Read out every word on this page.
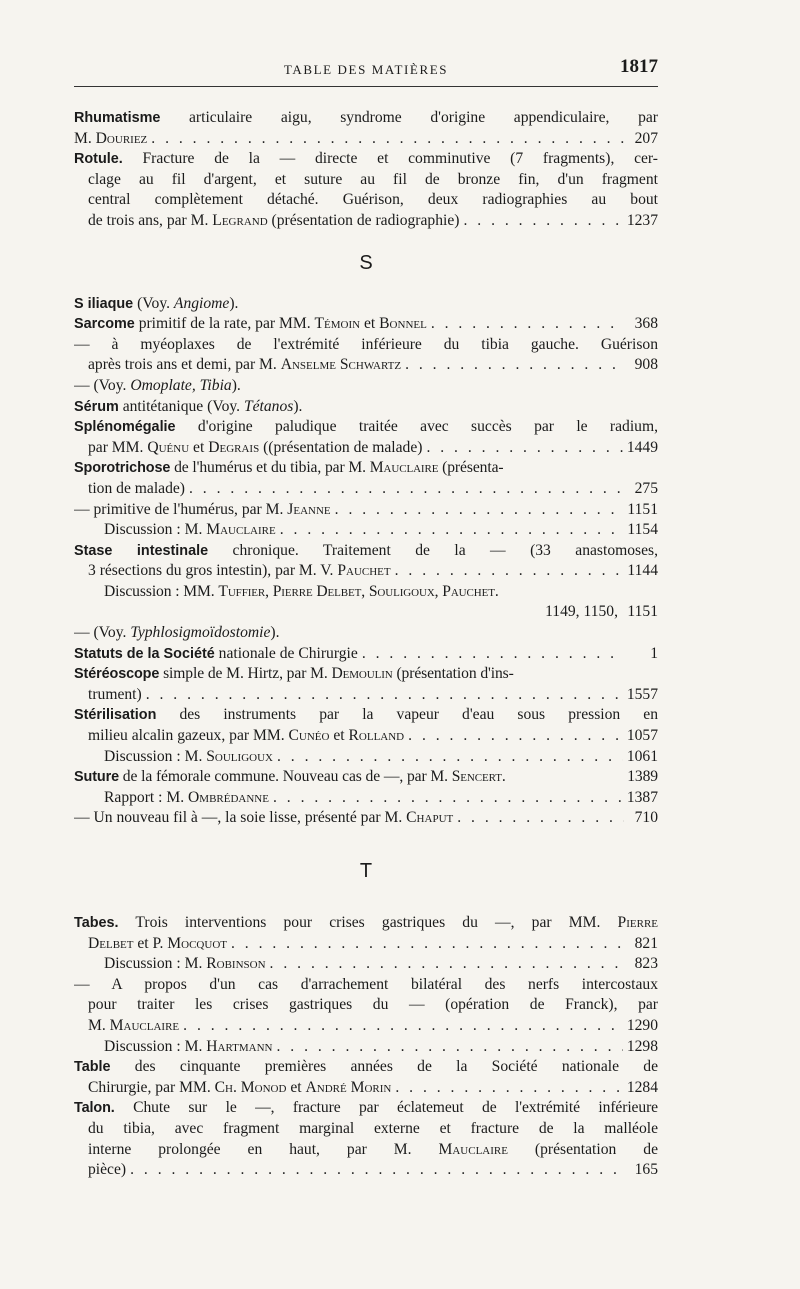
TABLE DES MATIÈRES	1817
Rhumatisme articulaire aigu, syndrome d'origine appendiculaire, par
M. Douriez . . .	207
Rotule. Fracture de la — directe et comminutive (7 fragments), cer-
clage au fil d'argent, et suture au fil de bronze fin, d'un fragment
central complètement détaché. Guérison, deux radiographies au bout
de trois ans, par M. Legrand (présentation de radiographie) . . .	1237
S
S iliaque (Voy. Angiome ).
Sarcome primitif de la rate, par MM. Témoin et Bonnel . . .	368
— à myéoplaxes de l'extrémité inférieure du tibia gauche. Guérison
après trois ans et demi, par M. Anselme Schwartz . . .	908
— (Voy. Omoplate, Tibia ).
Sérum antitétanique (Voy. Tétanos ).
Splénomégalie d'origine paludique traitée avec succès par le radium,
par MM. Quénu et Degrais ((présentation de malade) . . .	1449
Sporotrichose de l'humérus et du tibia, par M. Mauclaire (présenta-
tion de malade) . . .	275
— primitive de l'humérus, par M. Jeanne . . .	1151
Discussion : M. Mauclaire . . .	1154
Stase intestinale chronique. Traitement de la — (33 anastomoses,
3 résections du gros intestin), par M. V. Pauchet . . .	1144
Discussion : MM. Tuffier, Pierre Delbet, Souligoux, Pauchet .
1149, 1150, 1151
— (Voy. Typhlosigmoïdostomie ).
Statuts de la Société nationale de Chirurgie . . .	1
Stéréoscope simple de M. Hirtz, par M. Demoulin (présentation d'ins-
trument) . . .	1557
Stérilisation des instruments par la vapeur d'eau sous pression en
milieu alcalin gazeux, par MM. Cunéo et Rolland . . .	1057
Discussion : M. Souligoux . . .	1061
Suture de la fémorale commune. Nouveau cas de —, par M. Sencert .	1389
Rapport : M. Ombrédanne . . .	1387
— Un nouveau fil à —, la soie lisse, présenté par M. Chaput . . .	710
T
Tabes. Trois interventions pour crises gastriques du —, par MM. Pierre
Delbet et P. Mocquot . . .	821
Discussion : M. Robinson . . .	823
— A propos d'un cas d'arrachement bilatéral des nerfs intercostaux
pour traiter les crises gastriques du — (opération de Franck), par
M. Mauclaire . . .	1290
Discussion : M. Hartmann . . .	1298
Table des cinquante premières années de la Société nationale de
Chirurgie, par MM. Ch. Monod et André Morin . . .	1284
Talon. Chute sur le —, fracture par éclatemeut de l'extrémité inférieure
du tibia, avec fragment marginal externe et fracture de la malléole
interne prolongée en haut, par M. Mauclaire (présentation de
pièce) . . .	165
